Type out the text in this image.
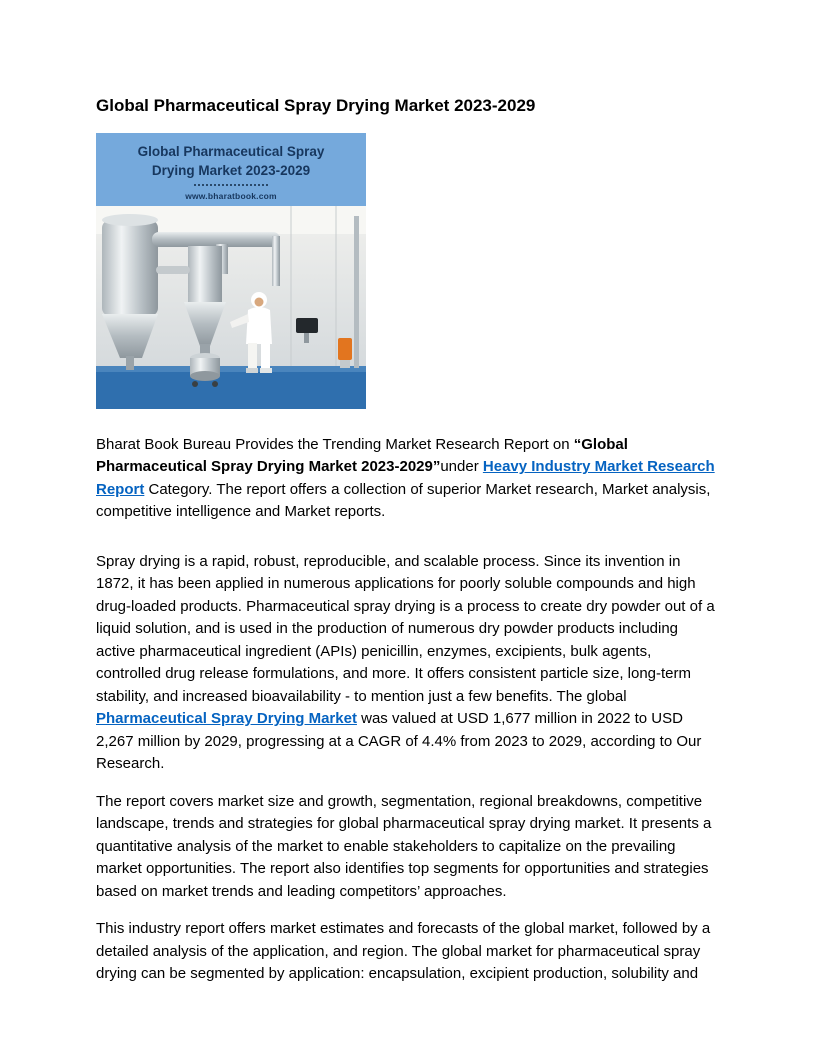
Global Pharmaceutical Spray Drying Market 2023-2029
Global Pharmaceutical Spray
Drying Market 2023-2029
www.bharatbook.com

Bharat Book Bureau Provides the Trending Market Research Report on “Global Pharmaceutical Spray Drying Market 2023-2029”under Heavy Industry Market Research Report Category. The report offers a collection of superior Market research, Market analysis, competitive intelligence and Market reports.

Spray drying is a rapid, robust, reproducible, and scalable process. Since its invention in 1872, it has been applied in numerous applications for poorly soluble compounds and high drug-loaded products. Pharmaceutical spray drying is a process to create dry powder out of a liquid solution, and is used in the production of numerous dry powder products including active pharmaceutical ingredient (APIs) penicillin, enzymes, excipients, bulk agents, controlled drug release formulations, and more. It offers consistent particle size, long-term stability, and increased bioavailability - to mention just a few benefits. The global Pharmaceutical Spray Drying Market was valued at USD 1,677 million in 2022 to USD 2,267 million by 2029, progressing at a CAGR of 4.4% from 2023 to 2029, according to Our Research.

The report covers market size and growth, segmentation, regional breakdowns, competitive landscape, trends and strategies for global pharmaceutical spray drying market. It presents a quantitative analysis of the market to enable stakeholders to capitalize on the prevailing market opportunities. The report also identifies top segments for opportunities and strategies based on market trends and leading competitors’ approaches.

This industry report offers market estimates and forecasts of the global market, followed by a detailed analysis of the application, and region. The global market for pharmaceutical spray drying can be segmented by application: encapsulation, excipient production, solubility and
